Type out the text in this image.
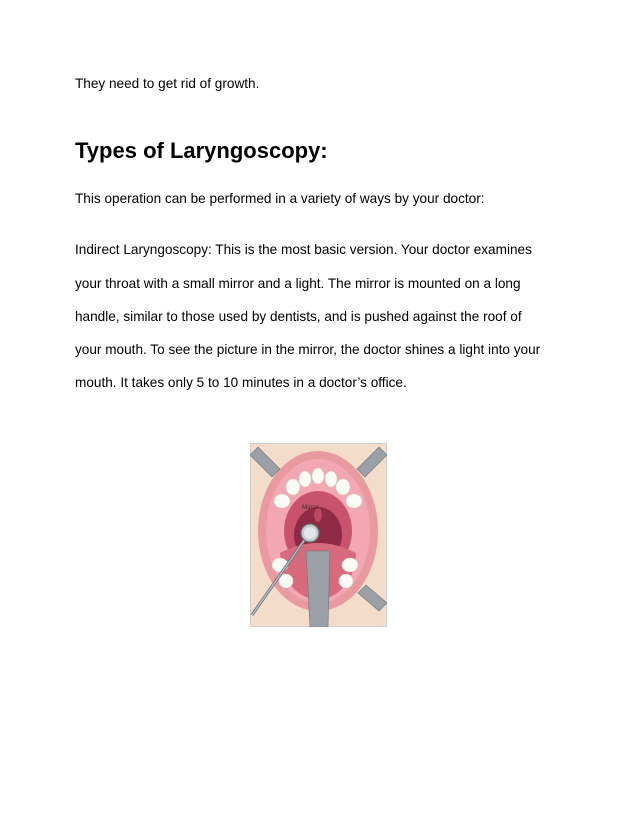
They need to get rid of growth.
Types of Laryngoscopy:
This operation can be performed in a variety of ways by your doctor:
Indirect Laryngoscopy: This is the most basic version. Your doctor examines
your throat with a small mirror and a light. The mirror is mounted on a long
handle, similar to those used by dentists, and is pushed against the roof of
your mouth. To see the picture in the mirror, the doctor shines a light into your
mouth. It takes only 5 to 10 minutes in a doctor’s office.
Mirror
